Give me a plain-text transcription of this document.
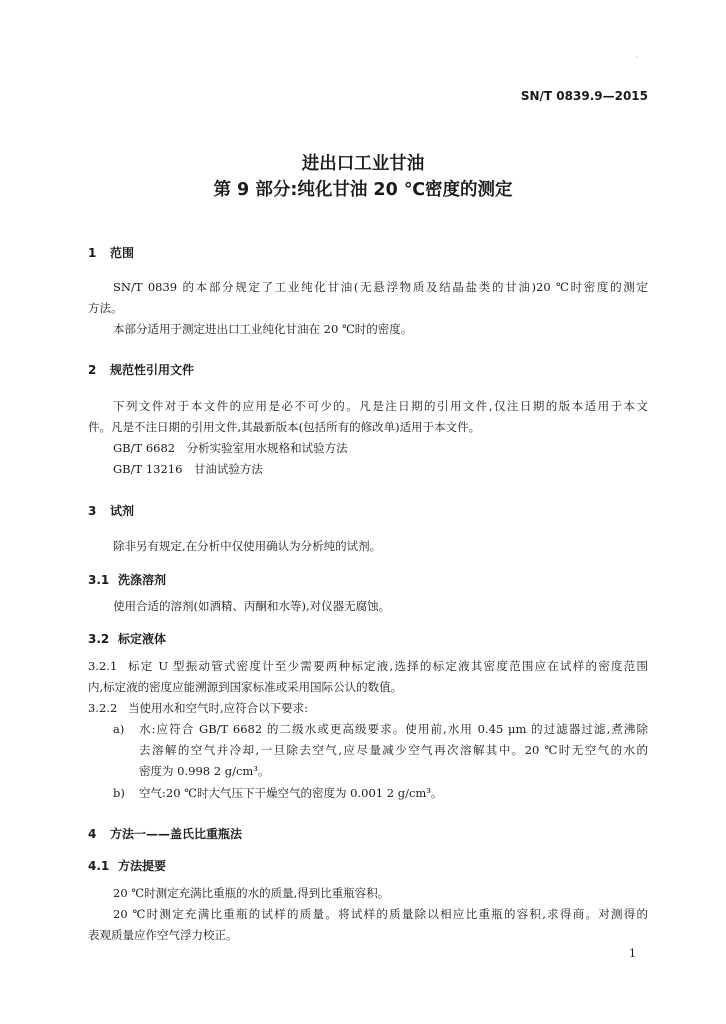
·
SN/T 0839.9—2015
进出口工业甘油
第 9 部分:纯化甘油 20 ℃密度的测定
1 范围
SN/T 0839 的本部分规定了工业纯化甘油(无悬浮物质及结晶盐类的甘油)20 ℃时密度的测定
方法。
本部分适用于测定进出口工业纯化甘油在 20 ℃时的密度。
2 规范性引用文件
下列文件对于本文件的应用是必不可少的。凡是注日期的引用文件,仅注日期的版本适用于本文
件。凡是不注日期的引用文件,其最新版本(包括所有的修改单)适用于本文件。
GB/T 6682　分析实验室用水规格和试验方法
GB/T 13216　甘油试验方法
3 试剂
除非另有规定,在分析中仅使用确认为分析纯的试剂。
3.1 洗涤溶剂
使用合适的溶剂(如酒精、丙酮和水等),对仪器无腐蚀。
3.2 标定液体
3.2.1 标定 U 型振动管式密度计至少需要两种标定液,选择的标定液其密度范围应在试样的密度范围
内,标定液的密度应能溯源到国家标准或采用国际公认的数值。
3.2.2 当使用水和空气时,应符合以下要求:
a) 水:应符合 GB/T 6682 的二级水或更高级要求。使用前,水用 0.45 μm 的过滤器过滤,煮沸除
去溶解的空气并冷却,一旦除去空气,应尽量减少空气再次溶解其中。20 ℃时无空气的水的
密度为 0.998 2 g/cm³。
b) 空气:20 ℃时大气压下干燥空气的密度为 0.001 2 g/cm³。
4 方法一——盖氏比重瓶法
4.1 方法提要
20 ℃时测定充满比重瓶的水的质量,得到比重瓶容积。
20 ℃时测定充满比重瓶的试样的质量。将试样的质量除以相应比重瓶的容积,求得商。对测得的
表观质量应作空气浮力校正。
1
